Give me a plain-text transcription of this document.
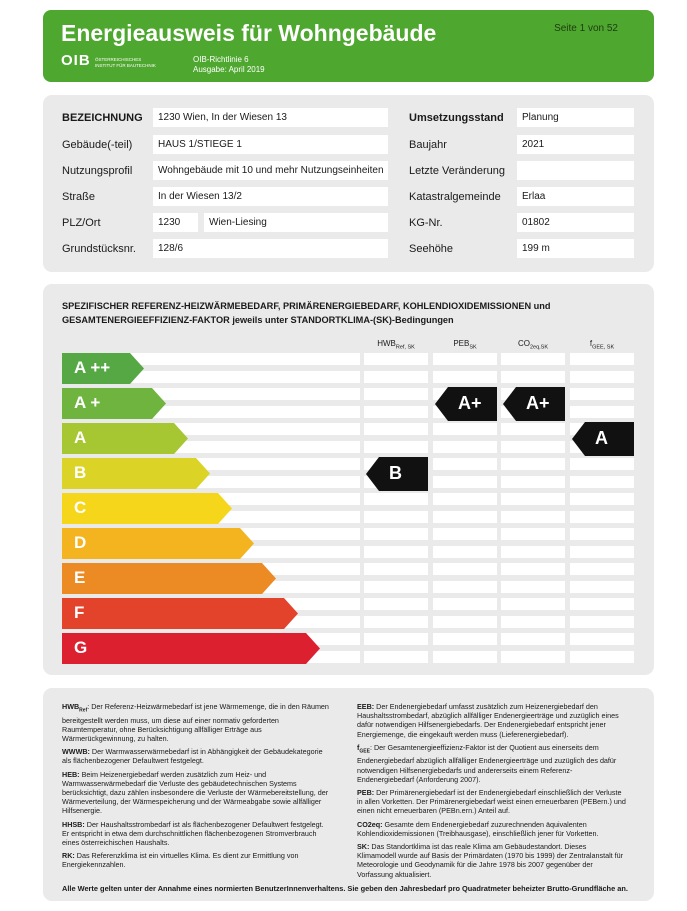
Energieausweis für Wohngebäude	Seite 1 von 52
OIB ÖSTERREICHISCHES
INSTITUT FÜR BAUTECHNIK
OIB-Richtlinie 6
Ausgabe: April 2019
BEZEICHNUNG	1230 Wien, In der Wiesen 13
Gebäude(-teil)	HAUS 1/STIEGE 1
Nutzungsprofil	Wohngebäude mit 10 und mehr Nutzungseinheiten
Straße	In der Wiesen 13/2
PLZ/Ort	1230	Wien-Liesing
Grundstücksnr.	128/6
Umsetzungsstand	Planung
Baujahr	2021
Letzte Veränderung
Katastralgemeinde	Erlaa
KG-Nr.	01802
Seehöhe	199 m
SPEZIFISCHER REFERENZ-HEIZWÄRMEBEDARF, PRIMÄRENERGIEBEDARF, KOHLENDIOXIDEMISSIONEN und GESAMTENERGIEEFFIZIENZ-FAKTOR jeweils unter STANDORTKLIMA-(SK)-Bedingungen
$HWB_{Ref, SK}$	$PEB_{SK}$	$CO_{2eq,SK}$	$f_{GEE, SK}$
A ++
A +
A
B
C
D
E
F
G
B
A+ A+
A

$HWB_{Ref}$: Der Referenz-Heizwärmebedarf ist jene Wärmemenge, die in den Räumen bereitgestellt werden muss, um diese auf einer normativ geforderten Raumtemperatur, ohne Berücksichtigung allfälliger Erträge aus Wärmerückgewinnung, zu halten.

WWWB: Der Warmwasserwärmebedarf ist in Abhängigkeit der Gebäudekategorie als flächenbezogener Defaultwert festgelegt.

HEB: Beim Heizenergiebedarf werden zusätzlich zum Heiz- und Warmwasserwärmebedarf die Verluste des gebäudetechnischen Systems berücksichtigt, dazu zählen insbesondere die Verluste der Wärmebereitstellung, der Wärmeverteilung, der Wärmespeicherung und der Wärmeabgabe sowie allfälliger Hilfsenergie.

HHSB: Der Haushaltsstrombedarf ist als flächenbezogener Defaultwert festgelegt. Er entspricht in etwa dem durchschnittlichen flächenbezogenen Stromverbrauch eines österreichischen Haushalts.

RK: Das Referenzklima ist ein virtuelles Klima. Es dient zur Ermittlung von Energiekennzahlen.

EEB: Der Endenergiebedarf umfasst zusätzlich zum Heizenergiebedarf den Haushaltsstrombedarf, abzüglich allfälliger Endenergieerträge und zuzüglich eines dafür notwendigen Hilfsenergiebedarfs. Der Endenergiebedarf entspricht jener Energiemenge, die eingekauft werden muss (Lieferenergiebedarf).

$f_{GEE}$: Der Gesamtenergieeffizienz-Faktor ist der Quotient aus einerseits dem Endenergiebedarf abzüglich allfälliger Endenergieerträge und zuzüglich des dafür notwendigen Hilfsenergiebedarfs und andererseits einem Referenz-Endenergiebedarf (Anforderung 2007).

PEB: Der Primärenergiebedarf ist der Endenergiebedarf einschließlich der Verluste in allen Vorketten. Der Primärenergiebedarf weist einen erneuerbaren (PEBern.) und einen nicht erneuerbaren (PEBn.ern.) Anteil auf.

CO2eq: Gesamte dem Endenergiebedarf zuzurechnenden äquivalenten Kohlendioxidemissionen (Treibhausgase), einschließlich jener für Vorketten.

SK: Das Standortklima ist das reale Klima am Gebäudestandort. Dieses Klimamodell wurde auf Basis der Primärdaten (1970 bis 1999) der Zentralanstalt für Meteorologie und Geodynamik für die Jahre 1978 bis 2007 gegenüber der Vorfassung aktualisiert.

Alle Werte gelten unter der Annahme eines normierten BenutzerInnenverhaltens. Sie geben den Jahresbedarf pro Quadratmeter beheizter Brutto-Grundfläche an.
